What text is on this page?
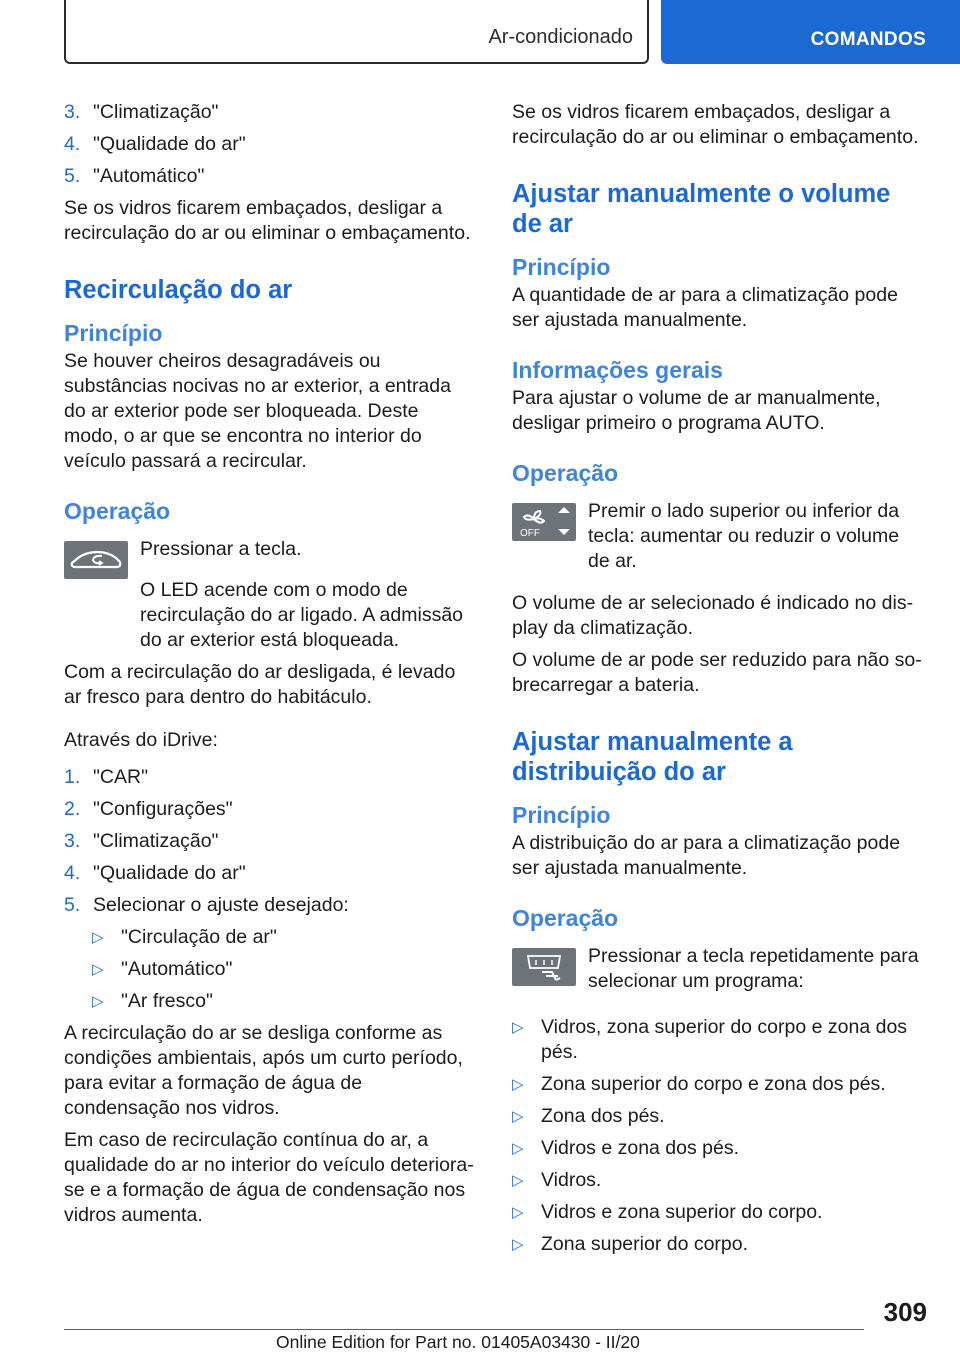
Ar-condicionado	COMANDOS
3. "Climatização"
4. "Qualidade do ar"
5. "Automático"

Se os vidros ficarem embaçados, desligar a recirculação do ar ou eliminar o embaçamento.

Recirculação do ar
Princípio

Se houver cheiros desagradáveis ou substâncias nocivas no ar exterior, a entrada do ar exterior pode ser bloqueada. Deste modo, o ar que se encontra no interior do veículo passará a recircular.

Operação

Pressionar a tecla.

O LED acende com o modo de recirculação do ar ligado. A admissão do ar exterior está bloqueada.

Com a recirculação do ar desligada, é levado ar fresco para dentro do habitáculo.

Através do iDrive:

1. "CAR"
2. "Configurações"
3. "Climatização"
4. "Qualidade do ar"
5. Selecionar o ajuste desejado:
▷ "Circulação de ar"
▷ "Automático"
▷ "Ar fresco"

A recirculação do ar se desliga conforme as condições ambientais, após um curto período, para evitar a formação de água de condensação nos vidros.

Em caso de recirculação contínua do ar, a qualidade do ar no interior do veículo deteriora-se e a formação de água de condensação nos vidros aumenta.

Se os vidros ficarem embaçados, desligar a recirculação do ar ou eliminar o embaçamento.

Ajustar manualmente o volume de ar
Princípio

A quantidade de ar para a climatização pode ser ajustada manualmente.

Informações gerais

Para ajustar o volume de ar manualmente, desligar primeiro o programa AUTO.

Operação
OFF

Premir o lado superior ou inferior da tecla: aumentar ou reduzir o volume de ar.

O volume de ar selecionado é indicado no display da climatização.

O volume de ar pode ser reduzido para não sobrecarregar a bateria.

Ajustar manualmente a distribuição do ar
Princípio

A distribuição do ar para a climatização pode ser ajustada manualmente.

Operação

Pressionar a tecla repetidamente para selecionar um programa:

▷ Vidros, zona superior do corpo e zona dos pés.
▷ Zona superior do corpo e zona dos pés.
▷ Zona dos pés.
▷ Vidros e zona dos pés.
▷ Vidros.
▷ Vidros e zona superior do corpo.
▷ Zona superior do corpo.
309
Online Edition for Part no. 01405A03430 - II/20
